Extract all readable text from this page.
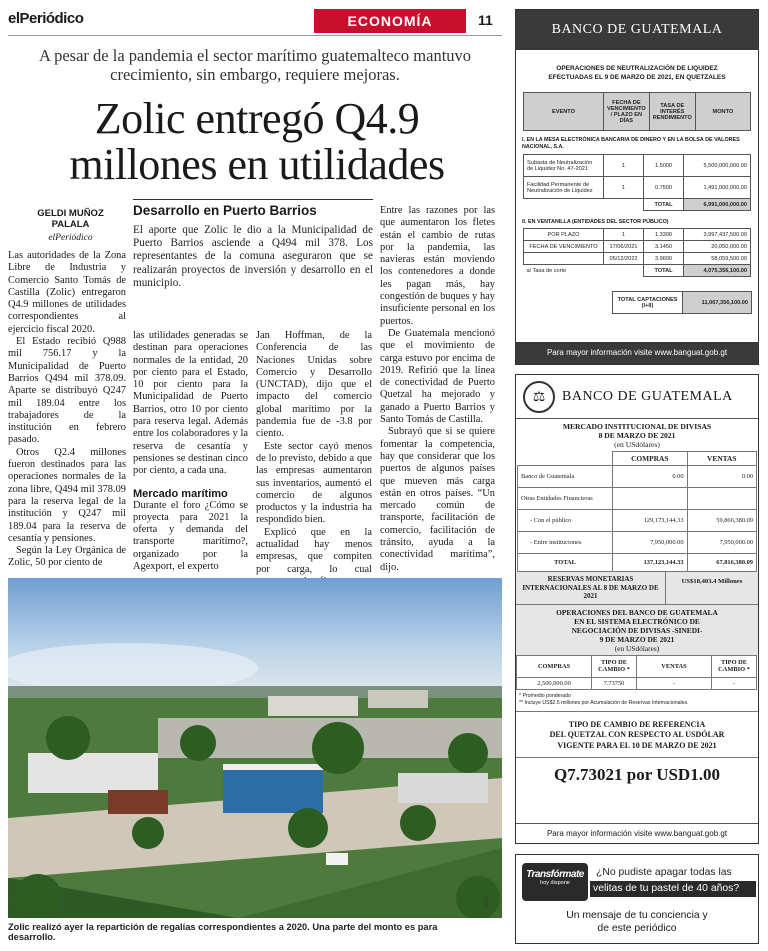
elPeriódico	ECONOMÍA	11
A pesar de la pandemia el sector marítimo guatemalteco mantuvo crecimiento, sin embargo, requiere mejoras.
Zolic entregó Q4.9
millones en utilidades
GELDI MUÑOZ PALALA
elPeriódico

Las autoridades de la Zona Libre de Industria y Comercio Santo Tomás de Castilla (Zolic) entregaron Q4.9 millones de utilidades correspondientes al ejercicio fiscal 2020.

El Estado recibió Q988 mil 756.17 y la Municipalidad de Puerto Barrios Q494 mil 378.09. Aparte se distribuyó Q247 mil 189.04 entre los trabajadores de la institución en febrero pasado.

Otros Q2.4 millones fueron destinados para las operaciones normales de la zona libre, Q494 mil 378.09 para la reserva legal de la institución y Q247 mil 189.04 para la reserva de cesantía y pensiones.

Según la Ley Orgánica de Zolic, 50 por ciento de

Desarrollo en Puerto Barrios
El aporte que Zolic le dio a la Municipalidad de Puerto Barrios asciende a Q494 mil 378. Los representantes de la comuna aseguraron que se realizarán proyectos de inversión y desarrollo en el municipio.

las utilidades generadas se destinan para operaciones normales de la entidad, 20 por ciento para el Estado, 10 por ciento para la Municipalidad de Puerto Barrios, otro 10 por ciento para reserva legal. Además entre los colaboradores y la reserva de cesantía y pensiones se destinan cinco por ciento, a cada una.

Mercado marítimo

Durante el foro ¿Cómo se proyecta para 2021 la oferta y demanda del transporte marítimo?, organizado por la Agexport, el experto

Jan Hoffman, de la Conferencia de las Naciones Unidas sobre Comercio y Desarrollo (UNCTAD), dijo que el impacto del comercio global marítimo por la pandemia fue de -3.8 por ciento.

Este sector cayó menos de lo previsto, debido a que las empresas aumentaron sus inventarios, aumentó el comercio de algunos productos y la industria ha respondido bien.

Explicó que en la actualidad hay menos empresas, que compiten por carga, lo cual

Entre las razones por las que aumentaron los fletes están el cambio de rutas por la pandemia, las navieras están moviendo los contenedores a donde les pagan más, hay congestión de buques y hay insuficiente personal en los puertos.

De Guatemala mencionó que el movimiento de carga estuvo por encima de 2019. Refirió que la línea de conectividad de Puerto Quetzal ha mejorado y ganado a Puerto Barrios y Santo Tomás de Castilla.

Subrayó que si se quiere fomentar la competencia, hay que considerar que los puertos de algunos países que mueven más carga están en otros países. “Un mercado común de transporte, facilitación de comercio, facilitación de tránsito, ayuda a la conectividad marítima”, dijo.

Zolic realizó ayer la repartición de regalías correspondientes a 2020. Una parte del monto es para desarrollo.
ZOLIC
BANCO DE GUATEMALA
OPERACIONES DE NEUTRALIZACIÓN DE LIQUIDEZ
EFECTUADAS EL 9 DE MARZO DE 2021, EN QUETZALES
EVENTO	FECHA DE VENCIMIENTO / PLAZO EN DÍAS	TASA DE INTERÉS RENDIMIENTO	MONTO
I. EN LA MESA ELECTRÓNICA BANCARIA DE DINERO Y EN LA BOLSA DE VALORES NACIONAL, S.A.
Subasta de Neutralización de Liquidez No. 47-2021	1	1.5000	5,500,000,000.00
Facilidad Permanente de Neutralización de Liquidez	1	0.7500	1,491,000,000.00
		TOTAL	6,991,000,000.00
II. EN VENTANILLA (ENTIDADES DEL SECTOR PÚBLICO)
POR PLAZO	1	1.3300	3,997,437,500.00
FECHA DE VENCIMIENTO	17/06/2021	3.1450	20,050,000.00
	05/12/2022	3.9600	58,059,500.00
a/ Tasa de corte		TOTAL	4,075,356,100.00
TOTAL CAPTACIONES (I+II)	11,067,356,100.00
Para mayor información visite www.banguat.gob.gt
⚖	BANCO DE GUATEMALA
MERCADO INSTITUCIONAL DE DIVISAS
8 DE MARZO DE 2021
(en USdólares)
	COMPRAS	VENTAS
Banco de Guatemala	0.00	0.00
Otras Entidades Financieras		
- Con el público	129,173,144.33	59,866,380.09
- Entre instituciones	7,950,000.00	7,950,000.00
TOTAL	137,123,144.33	67,816,380.09
RESERVAS MONETARIAS INTERNACIONALES AL 8 DE MARZO DE 2021
US$18,403.4 Millones
OPERACIONES DEL BANCO DE GUATEMALA
EN EL SISTEMA ELECTRÓNICO DE
NEGOCIACIÓN DE DIVISAS -SINEDI-
9 DE MARZO DE 2021
(en USdólares)
COMPRAS	TIPO DE CAMBIO *	VENTAS	TIPO DE CAMBIO *
2,500,000.00	7.73750	-	-
* Promedio ponderado
** Incluye US$2.5 millones por Acumulación de Reservas Internacionales.
TIPO DE CAMBIO DE REFERENCIA
DEL QUETZAL CON RESPECTO AL USDÓLAR
VIGENTE PARA EL 10 DE MARZO DE 2021
Q7.73021 por USD1.00
Para mayor información visite www.banguat.gob.gt
Transfórmate
hoy dispone
¿No pudiste apagar todas las
velitas de tu pastel de 40 años?
Un mensaje de tu conciencia y
de este periódico
